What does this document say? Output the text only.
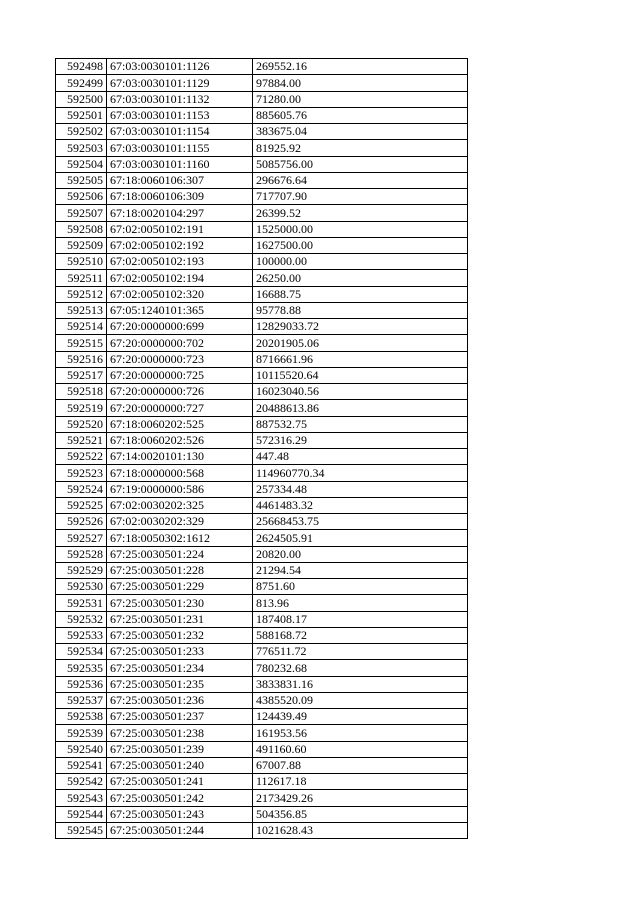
592498	67:03:0030101:1126	269552.16
592499	67:03:0030101:1129	97884.00
592500	67:03:0030101:1132	71280.00
592501	67:03:0030101:1153	885605.76
592502	67:03:0030101:1154	383675.04
592503	67:03:0030101:1155	81925.92
592504	67:03:0030101:1160	5085756.00
592505	67:18:0060106:307	296676.64
592506	67:18:0060106:309	717707.90
592507	67:18:0020104:297	26399.52
592508	67:02:0050102:191	1525000.00
592509	67:02:0050102:192	1627500.00
592510	67:02:0050102:193	100000.00
592511	67:02:0050102:194	26250.00
592512	67:02:0050102:320	16688.75
592513	67:05:1240101:365	95778.88
592514	67:20:0000000:699	12829033.72
592515	67:20:0000000:702	20201905.06
592516	67:20:0000000:723	8716661.96
592517	67:20:0000000:725	10115520.64
592518	67:20:0000000:726	16023040.56
592519	67:20:0000000:727	20488613.86
592520	67:18:0060202:525	887532.75
592521	67:18:0060202:526	572316.29
592522	67:14:0020101:130	447.48
592523	67:18:0000000:568	114960770.34
592524	67:19:0000000:586	257334.48
592525	67:02:0030202:325	4461483.32
592526	67:02:0030202:329	25668453.75
592527	67:18:0050302:1612	2624505.91
592528	67:25:0030501:224	20820.00
592529	67:25:0030501:228	21294.54
592530	67:25:0030501:229	8751.60
592531	67:25:0030501:230	813.96
592532	67:25:0030501:231	187408.17
592533	67:25:0030501:232	588168.72
592534	67:25:0030501:233	776511.72
592535	67:25:0030501:234	780232.68
592536	67:25:0030501:235	3833831.16
592537	67:25:0030501:236	4385520.09
592538	67:25:0030501:237	124439.49
592539	67:25:0030501:238	161953.56
592540	67:25:0030501:239	491160.60
592541	67:25:0030501:240	67007.88
592542	67:25:0030501:241	112617.18
592543	67:25:0030501:242	2173429.26
592544	67:25:0030501:243	504356.85
592545	67:25:0030501:244	1021628.43
